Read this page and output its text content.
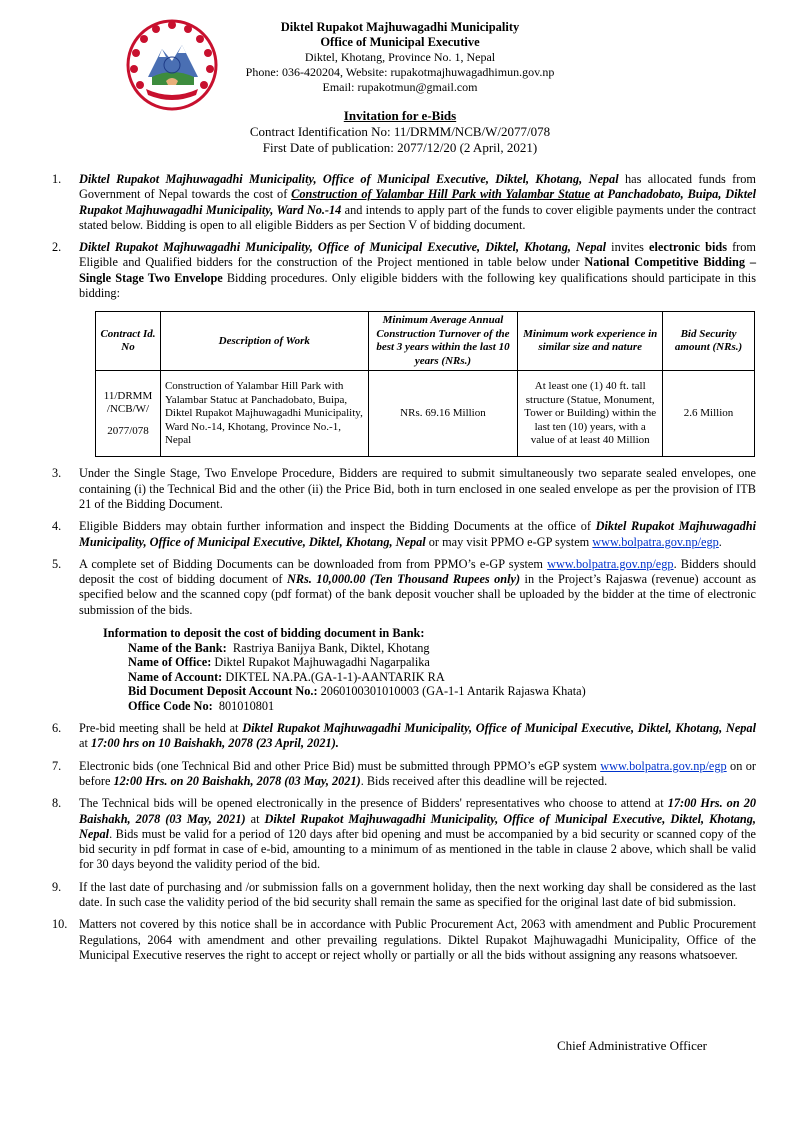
Diktel Rupakot Majhuwagadhi Municipality
Office of Municipal Executive
Diktel, Khotang, Province No. 1, Nepal
Phone: 036-420204, Website: rupakotmajhuwagadhimun.gov.np
Email: rupakotmun@gmail.com
Invitation for e-Bids
Contract Identification No: 11/DRMM/NCB/W/2077/078
First Date of publication: 2077/12/20 (2 April, 2021)
1. Diktel Rupakot Majhuwagadhi Municipality, Office of Municipal Executive, Diktel, Khotang, Nepal has allocated funds from Government of Nepal towards the cost of Construction of Yalambar Hill Park with Yalambar Statue at Panchadobato, Buipa, Diktel Rupakot Majhuwagadhi Municipality, Ward No.-14 and intends to apply part of the funds to cover eligible payments under the contract stated below. Bidding is open to all eligible Bidders as per Section V of bidding document.
2. Diktel Rupakot Majhuwagadhi Municipality, Office of Municipal Executive, Diktel, Khotang, Nepal invites electronic bids from Eligible and Qualified bidders for the construction of the Project mentioned in table below under National Competitive Bidding – Single Stage Two Envelope Bidding procedures. Only eligible bidders with the following key qualifications should participate in this bidding:
Contract Id. No	Description of Work	Minimum Average Annual Construction Turnover of the best 3 years within the last 10 years (NRs.)	Minimum work experience in similar size and nature	Bid Security amount (NRs.)

11/DRMM
/NCB/W/
2077/078	Construction of Yalambar Hill Park with Yalambar Statuc at Panchadobato, Buipa, Diktel Rupakot Majhuwagadhi Municipality, Ward No.-14, Khotang, Province No.-1, Nepal	NRs. 69.16 Million	At least one (1) 40 ft. tall structure (Statue, Monument, Tower or Building) within the last ten (10) years, with a value of at least 40 Million	2.6 Million
3. Under the Single Stage, Two Envelope Procedure, Bidders are required to submit simultaneously two separate sealed envelopes, one containing (i) the Technical Bid and the other (ii) the Price Bid, both in turn enclosed in one sealed envelope as per the provision of ITB 21 of the Bidding Document.
4. Eligible Bidders may obtain further information and inspect the Bidding Documents at the office of Diktel Rupakot Majhuwagadhi Municipality, Office of Municipal Executive, Diktel, Khotang, Nepal or may visit PPMO e-GP system www.bolpatra.gov.np/egp.
5. A complete set of Bidding Documents can be downloaded from from PPMO’s e-GP system www.bolpatra.gov.np/egp. Bidders should deposit the cost of bidding document of NRs. 10,000.00 (Ten Thousand Rupees only) in the Project’s Rajaswa (revenue) account as specified below and the scanned copy (pdf format) of the bank deposit voucher shall be uploaded by the bidder at the time of electronic submission of the bids.
Information to deposit the cost of bidding document in Bank:
Name of the Bank:  Rastriya Banijya Bank, Diktel, Khotang
Name of Office: Diktel Rupakot Majhuwagadhi Nagarpalika
Name of Account: DIKTEL NA.PA.(GA-1-1)-AANTARIK RA
Bid Document Deposit Account No.: 2060100301010003 (GA-1-1 Antarik Rajaswa Khata)
Office Code No:  801010801
6. Pre-bid meeting shall be held at Diktel Rupakot Majhuwagadhi Municipality, Office of Municipal Executive, Diktel, Khotang, Nepal at 17:00 hrs on 10 Baishakh, 2078 (23 April, 2021).
7. Electronic bids (one Technical Bid and other Price Bid) must be submitted through PPMO’s eGP system www.bolpatra.gov.np/egp on or before 12:00 Hrs. on 20 Baishakh, 2078 (03 May, 2021). Bids received after this deadline will be rejected.
8. The Technical bids will be opened electronically in the presence of Bidders' representatives who choose to attend at 17:00 Hrs. on 20 Baishakh, 2078 (03 May, 2021) at Diktel Rupakot Majhuwagadhi Municipality, Office of Municipal Executive, Diktel, Khotang, Nepal. Bids must be valid for a period of 120 days after bid opening and must be accompanied by a bid security or scanned copy of the bid security in pdf format in case of e-bid, amounting to a minimum of as mentioned in the table in clause 2 above, which shall be valid for 30 days beyond the validity period of the bid.
9. If the last date of purchasing and /or submission falls on a government holiday, then the next working day shall be considered as the last date. In such case the validity period of the bid security shall remain the same as specified for the original last date of bid submission.
10. Matters not covered by this notice shall be in accordance with Public Procurement Act, 2063 with amendment and Public Procurement Regulations, 2064 with amendment and other prevailing regulations. Diktel Rupakot Majhuwagadhi Municipality, Office of the Municipal Executive reserves the right to accept or reject wholly or partially or all the bids without assigning any reasons whatsoever.
Chief Administrative Officer
